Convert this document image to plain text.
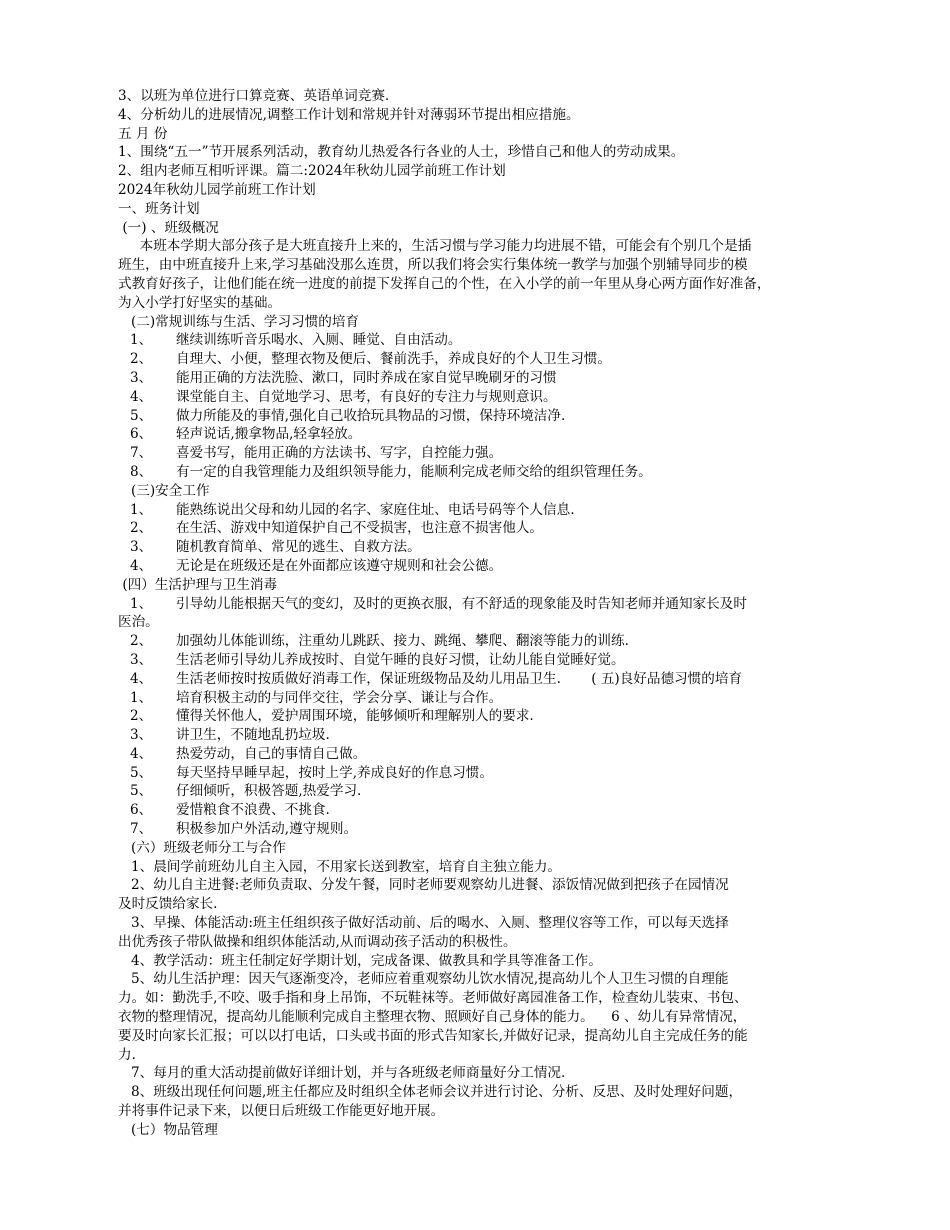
3、以班为单位进行口算竞赛、英语单词竞赛.
4、分析幼儿的进展情况,调整工作计划和常规并针对薄弱环节提出相应措施。
五 月 份
1、围绕“五一”节开展系列活动，教育幼儿热爱各行各业的人士，珍惜自己和他人的劳动成果。
2、组内老师互相听评课。篇二:2024年秋幼儿园学前班工作计划
2024年秋幼儿园学前班工作计划
一、班务计划
(一) 、班级概况
本班本学期大部分孩子是大班直接升上来的，生活习惯与学习能力均进展不错，可能会有个别几个是插
班生，由中班直接升上来,学习基础没那么连贯，所以我们将会实行集体统一教学与加强个别辅导同步的模
式教育好孩子，让他们能在统一进度的前提下发挥自己的个性，在入小学的前一年里从身心两方面作好准备，
为入小学打好坚实的基础。
(二)常规训练与生活、学习习惯的培育
1、 继续训练听音乐喝水、入厕、睡觉、自由活动。
2、 自理大、小便，整理衣物及便后、餐前洗手，养成良好的个人卫生习惯。
3、 能用正确的方法洗脸、漱口，同时养成在家自觉早晚刷牙的习惯
4、 课堂能自主、自觉地学习、思考，有良好的专注力与规则意识。
5、 做力所能及的事情,强化自己收拾玩具物品的习惯，保持环境洁净.
6、 轻声说话,搬拿物品,轻拿轻放。
7、 喜爱书写，能用正确的方法读书、写字，自控能力强。
8、 有一定的自我管理能力及组织领导能力，能顺利完成老师交给的组织管理任务。
(三)安全工作
1、 能熟练说出父母和幼儿园的名字、家庭住址、电话号码等个人信息.
2、 在生活、游戏中知道保护自己不受损害，也注意不损害他人。
3、 随机教育简单、常见的逃生、自救方法。
4、 无论是在班级还是在外面都应该遵守规则和社会公德。
(四）生活护理与卫生消毒
1、 引导幼儿能根据天气的变幻，及时的更换衣服，有不舒适的现象能及时告知老师并通知家长及时
医治。
2、 加强幼儿体能训练，注重幼儿跳跃、接力、跳绳、攀爬、翻滚等能力的训练.
3、 生活老师引导幼儿养成按时、自觉午睡的良好习惯，让幼儿能自觉睡好觉。
4、 生活老师按时按质做好消毒工作，保证班级物品及幼儿用品卫生.       ( 五)良好品德习惯的培育
1、 培育积极主动的与同伴交往，学会分享、谦让与合作。
2、 懂得关怀他人，爱护周围环境，能够倾听和理解别人的要求.
3、 讲卫生，不随地乱扔垃圾.
4、 热爱劳动，自己的事情自己做。
5、 每天坚持早睡早起，按时上学,养成良好的作息习惯。
5、 仔细倾听，积极答题,热爱学习.
6、 爱惜粮食不浪费、不挑食.
7、 积极参加户外活动,遵守规则。
(六）班级老师分工与合作
1、晨间学前班幼儿自主入园，不用家长送到教室，培育自主独立能力。
2、幼儿自主进餐:老师负责取、分发午餐，同时老师要观察幼儿进餐、添饭情况做到把孩子在园情况
及时反馈给家长.
3、早操、体能活动:班主任组织孩子做好活动前、后的喝水、入厕、整理仪容等工作，可以每天选择
出优秀孩子带队做操和组织体能活动,从而调动孩子活动的积极性。
4、教学活动：班主任制定好学期计划，完成备课、做教具和学具等准备工作。
5、幼儿生活护理：因天气逐渐变冷，老师应着重观察幼儿饮水情况,提高幼儿个人卫生习惯的自理能
力。如：勤洗手,不咬、吸手指和身上吊饰，不玩鞋袜等。老师做好离园准备工作，检查幼儿装束、书包、
衣物的整理情况，提高幼儿能顺利完成自主整理衣物、照顾好自己身体的能力。    6 、幼儿有异常情况，
要及时向家长汇报；可以以打电话，口头或书面的形式告知家长,并做好记录，提高幼儿自主完成任务的能
力.
7、每月的重大活动提前做好详细计划，并与各班级老师商量好分工情况.
8、班级出现任何问题,班主任都应及时组织全体老师会议并进行讨论、分析、反思、及时处理好问题，
并将事件记录下来，以便日后班级工作能更好地开展。
(七）物品管理
